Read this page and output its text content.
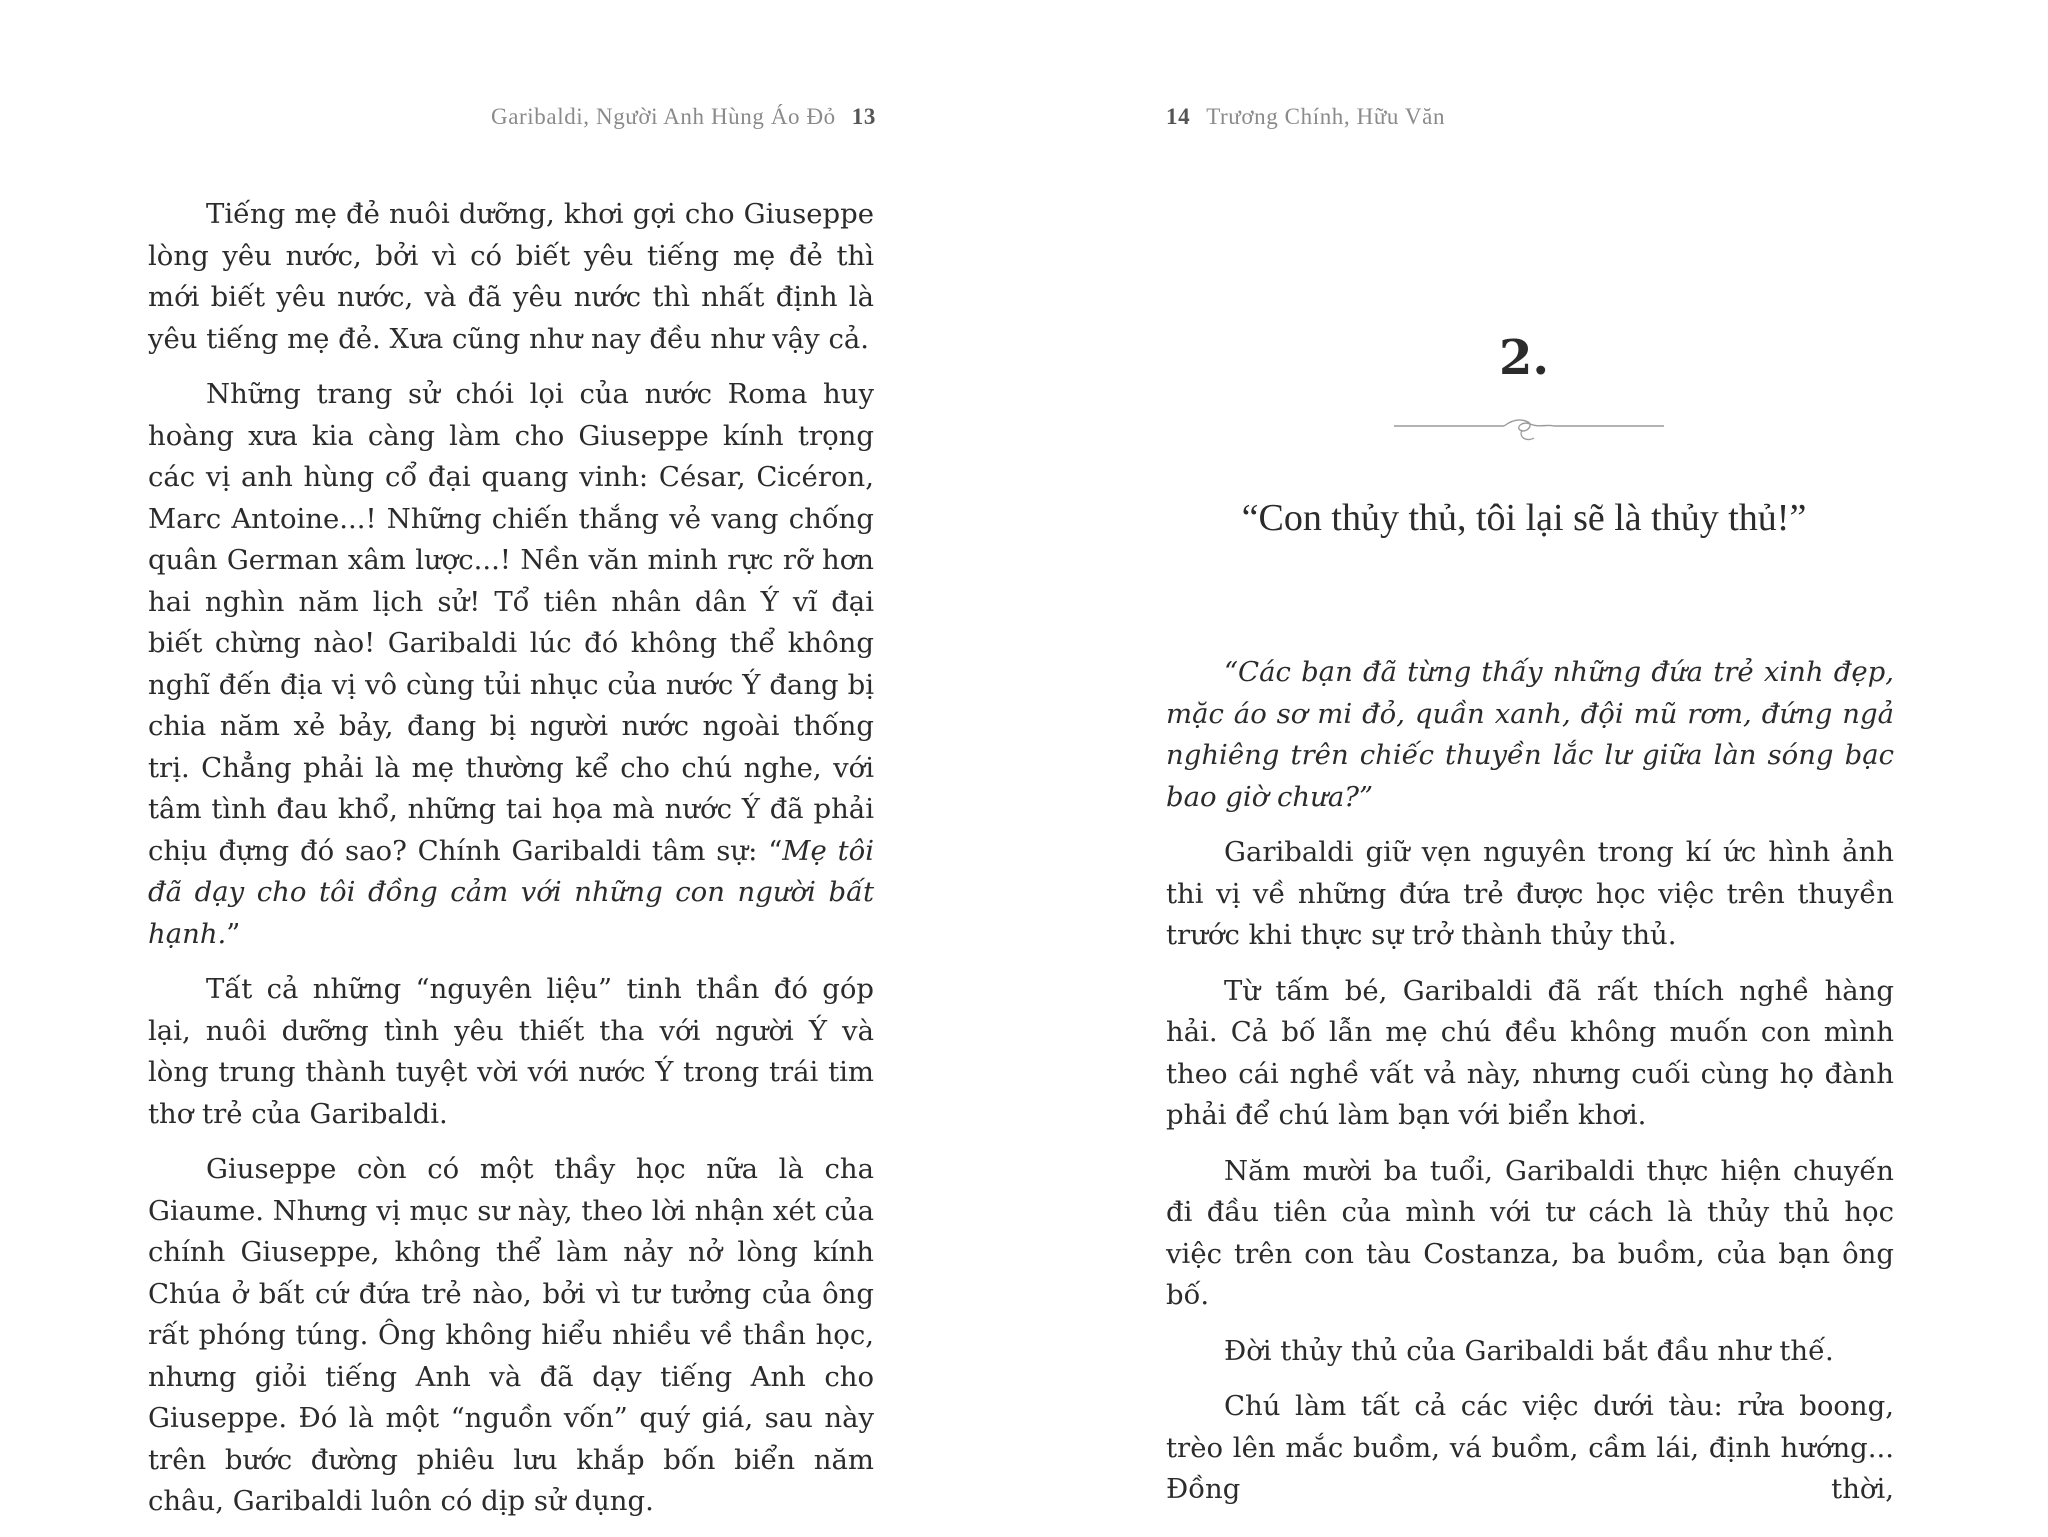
Garibaldi, Người Anh Hùng Áo Đỏ 13

Tiếng mẹ đẻ nuôi dưỡng, khơi gợi cho Giuseppe lòng yêu nước, bởi vì có biết yêu tiếng mẹ đẻ thì mới biết yêu nước, và đã yêu nước thì nhất định là yêu tiếng mẹ đẻ. Xưa cũng như nay đều như vậy cả.

Những trang sử chói lọi của nước Roma huy hoàng xưa kia càng làm cho Giuseppe kính trọng các vị anh hùng cổ đại quang vinh: César, Cicéron, Marc Antoine...! Những chiến thắng vẻ vang chống quân German xâm lược...! Nền văn minh rực rỡ hơn hai nghìn năm lịch sử! Tổ tiên nhân dân Ý vĩ đại biết chừng nào! Garibaldi lúc đó không thể không nghĩ đến địa vị vô cùng tủi nhục của nước Ý đang bị chia năm xẻ bảy, đang bị người nước ngoài thống trị. Chẳng phải là mẹ thường kể cho chú nghe, với tâm tình đau khổ, những tai họa mà nước Ý đã phải chịu đựng đó sao? Chính Garibaldi tâm sự: “Mẹ tôi đã dạy cho tôi đồng cảm với những con người bất hạnh.”

Tất cả những “nguyên liệu” tinh thần đó góp lại, nuôi dưỡng tình yêu thiết tha với người Ý và lòng trung thành tuyệt vời với nước Ý trong trái tim thơ trẻ của Garibaldi.

Giuseppe còn có một thầy học nữa là cha Giaume. Nhưng vị mục sư này, theo lời nhận xét của chính Giuseppe, không thể làm nảy nở lòng kính Chúa ở bất cứ đứa trẻ nào, bởi vì tư tưởng của ông rất phóng túng. Ông không hiểu nhiều về thần học, nhưng giỏi tiếng Anh và đã dạy tiếng Anh cho Giuseppe. Đó là một “nguồn vốn” quý giá, sau này trên bước đường phiêu lưu khắp bốn biển năm châu, Garibaldi luôn có dịp sử dụng.

14 Trương Chính, Hữu Văn
2.
“Con thủy thủ, tôi lại sẽ là thủy thủ!”

“Các bạn đã từng thấy những đứa trẻ xinh đẹp, mặc áo sơ mi đỏ, quần xanh, đội mũ rơm, đứng ngả nghiêng trên chiếc thuyền lắc lư giữa làn sóng bạc bao giờ chưa?”

Garibaldi giữ vẹn nguyên trong kí ức hình ảnh thi vị về những đứa trẻ được học việc trên thuyền trước khi thực sự trở thành thủy thủ.

Từ tấm bé, Garibaldi đã rất thích nghề hàng hải. Cả bố lẫn mẹ chú đều không muốn con mình theo cái nghề vất vả này, nhưng cuối cùng họ đành phải để chú làm bạn với biển khơi.

Năm mười ba tuổi, Garibaldi thực hiện chuyến đi đầu tiên của mình với tư cách là thủy thủ học việc trên con tàu Costanza, ba buồm, của bạn ông bố.

Đời thủy thủ của Garibaldi bắt đầu như thế.

Chú làm tất cả các việc dưới tàu: rửa boong, trèo lên mắc buồm, vá buồm, cầm lái, định hướng... Đồng thời,
